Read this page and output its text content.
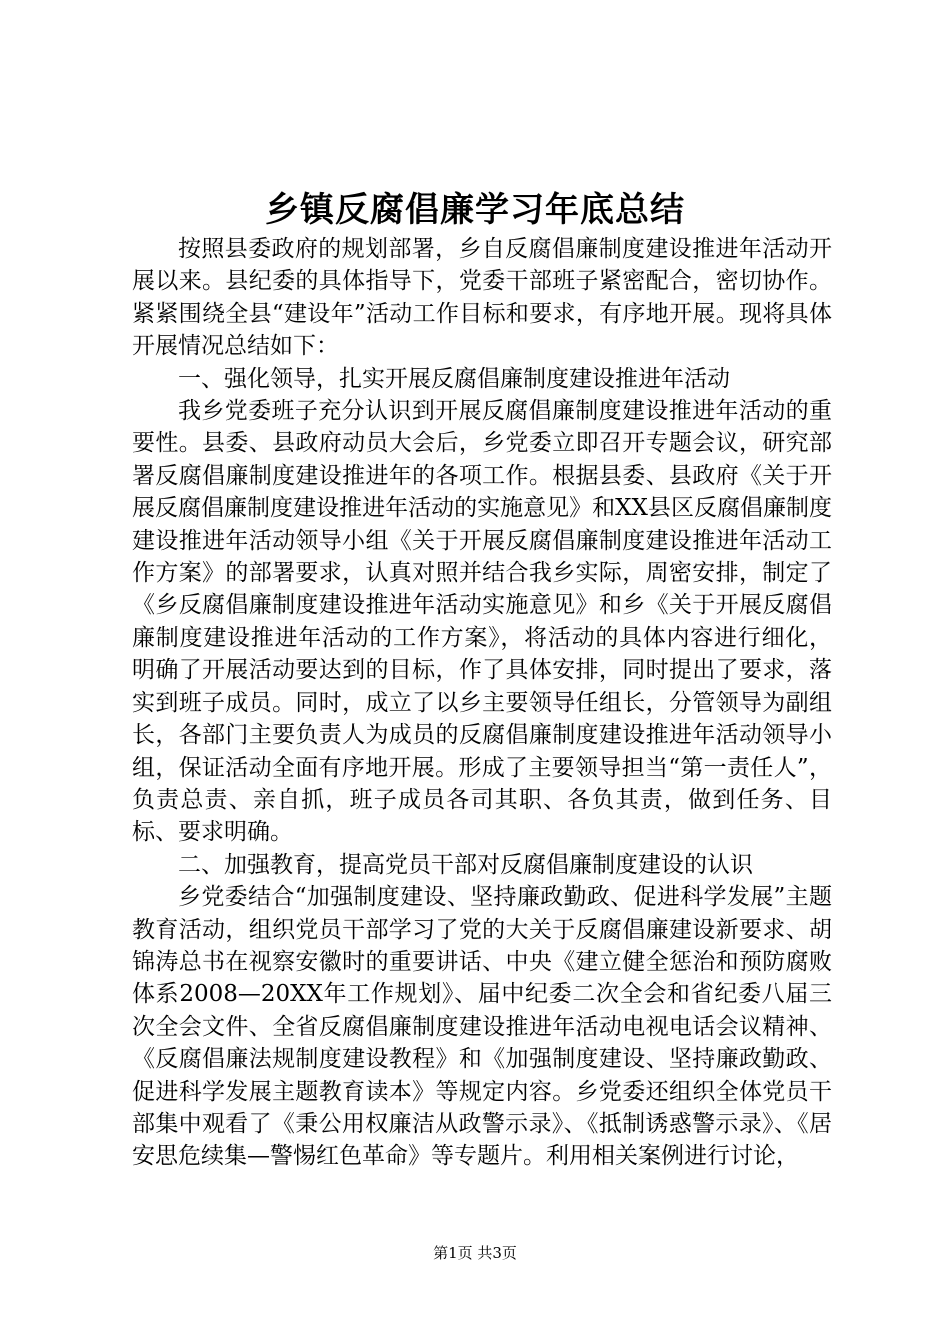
乡镇反腐倡廉学习年底总结

按照县委政府的规划部署，乡自反腐倡廉制度建设推进年活动开展以来。县纪委的具体指导下，党委干部班子紧密配合，密切协作。紧紧围绕全县“建设年”活动工作目标和要求，有序地开展。现将具体开展情况总结如下：

一、强化领导，扎实开展反腐倡廉制度建设推进年活动

我乡党委班子充分认识到开展反腐倡廉制度建设推进年活动的重要性。县委、县政府动员大会后，乡党委立即召开专题会议，研究部署反腐倡廉制度建设推进年的各项工作。根据县委、县政府《关于开展反腐倡廉制度建设推进年活动的实施意见》和XX县区反腐倡廉制度建设推进年活动领导小组《关于开展反腐倡廉制度建设推进年活动工作方案》的部署要求，认真对照并结合我乡实际，周密安排，制定了《乡反腐倡廉制度建设推进年活动实施意见》和乡《关于开展反腐倡廉制度建设推进年活动的工作方案》，将活动的具体内容进行细化，明确了开展活动要达到的目标，作了具体安排，同时提出了要求，落实到班子成员。同时，成立了以乡主要领导任组长，分管领导为副组长，各部门主要负责人为成员的反腐倡廉制度建设推进年活动领导小组，保证活动全面有序地开展。形成了主要领导担当“第一责任人”，负责总责、亲自抓，班子成员各司其职、各负其责，做到任务、目标、要求明确。

二、加强教育，提高党员干部对反腐倡廉制度建设的认识

乡党委结合“加强制度建设、坚持廉政勤政、促进科学发展”主题教育活动，组织党员干部学习了党的大关于反腐倡廉建设新要求、胡锦涛总书在视察安徽时的重要讲话、中央《建立健全惩治和预防腐败体系2008—20XX年工作规划》、届中纪委二次全会和省纪委八届三次全会文件、全省反腐倡廉制度建设推进年活动电视电话会议精神、《反腐倡廉法规制度建设教程》和《加强制度建设、坚持廉政勤政、促进科学发展主题教育读本》等规定内容。乡党委还组织全体党员干部集中观看了《秉公用权廉洁从政警示录》、《抵制诱惑警示录》、《居安思危续集—警惕红色革命》等专题片。利用相关案例进行讨论，

第1页 共3页
